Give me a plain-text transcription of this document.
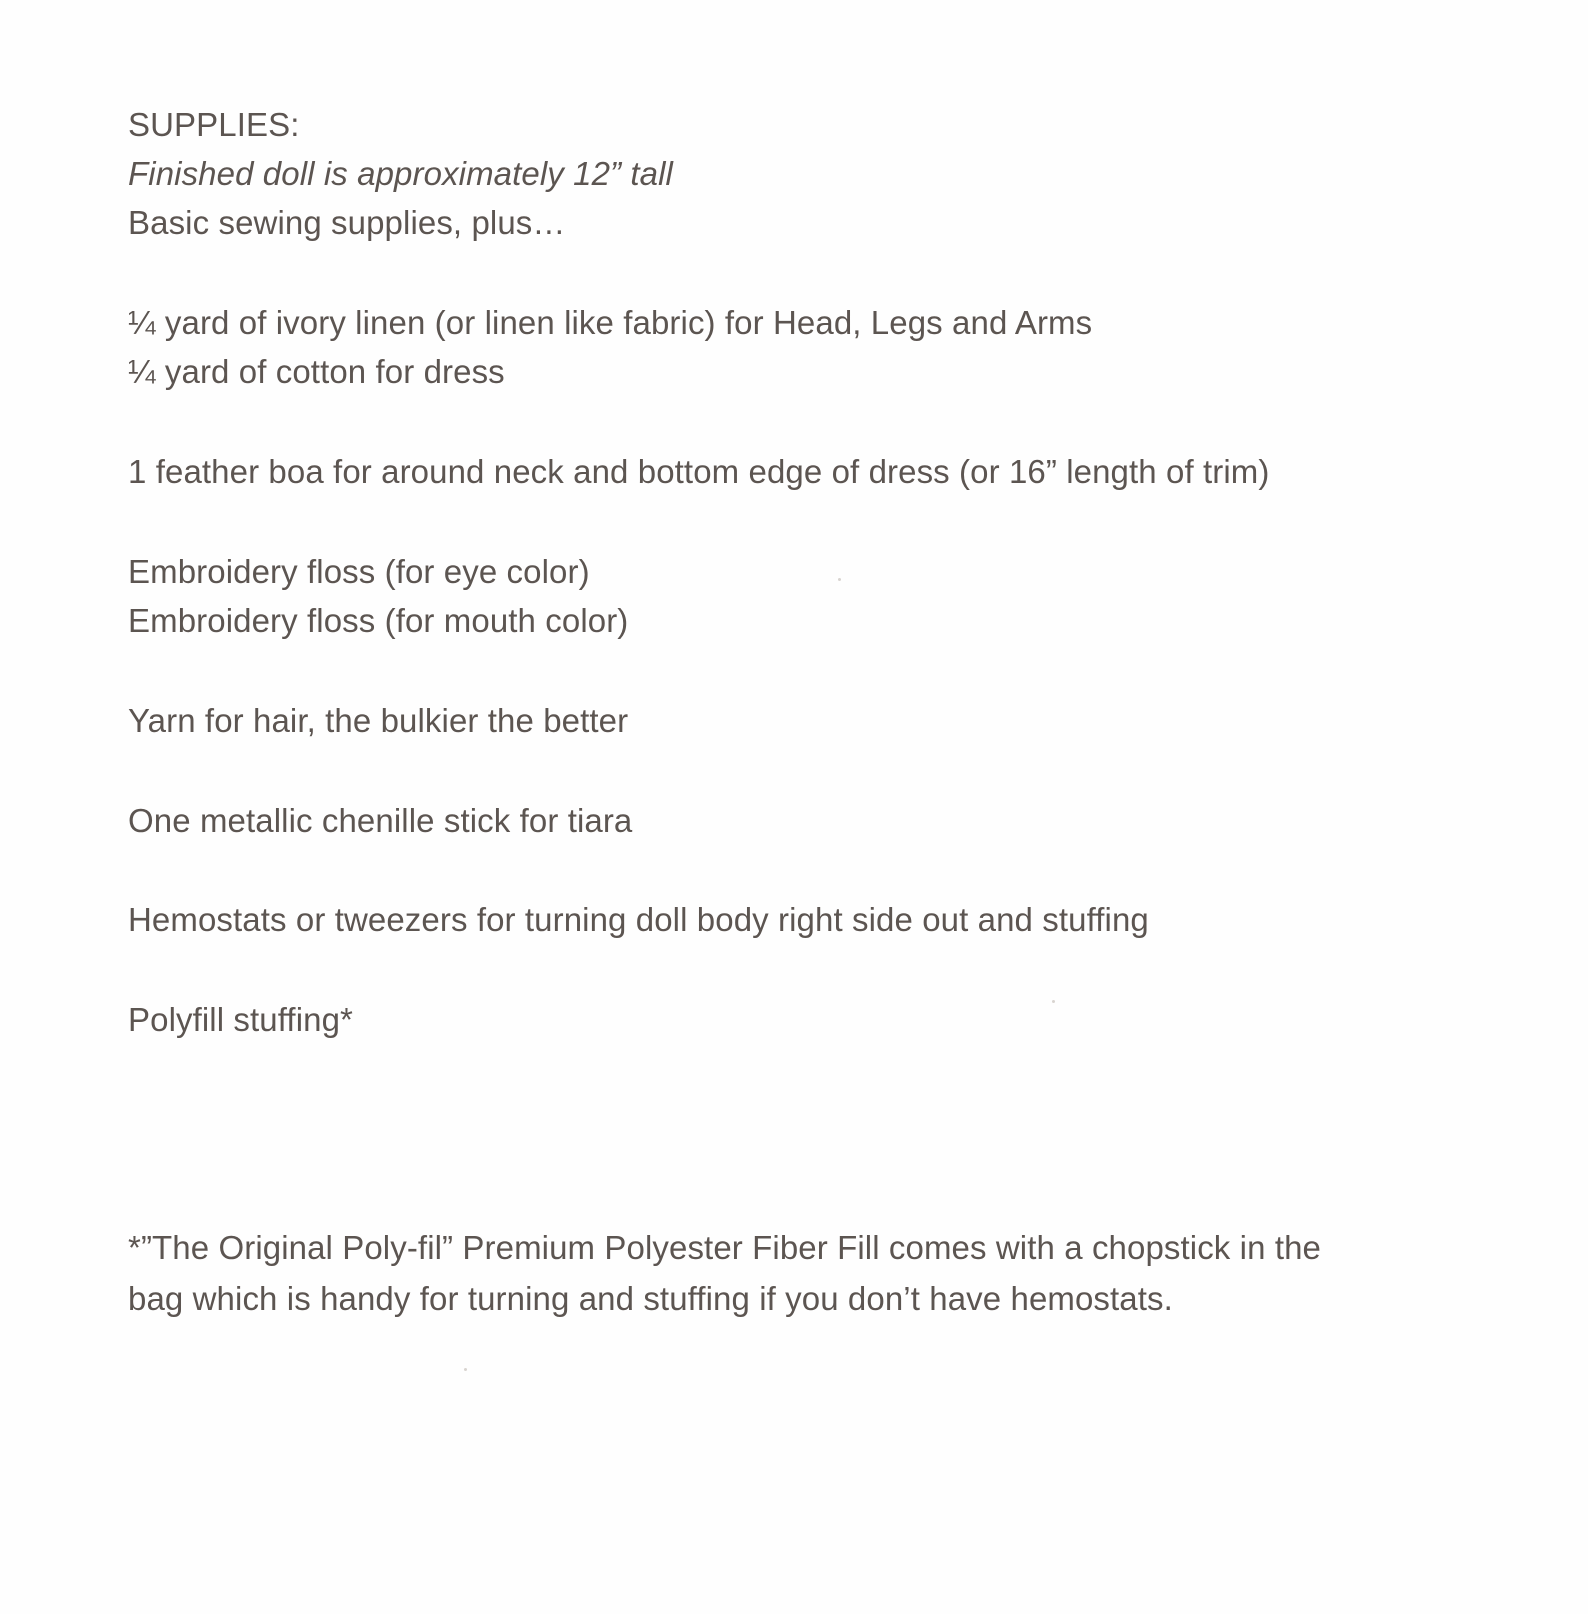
SUPPLIES:
Finished doll is approximately 12” tall
Basic sewing supplies, plus…
¼ yard of ivory linen (or linen like fabric) for Head, Legs and Arms
¼ yard of cotton for dress
1 feather boa for around neck and bottom edge of dress (or 16” length of trim)
Embroidery floss (for eye color)
Embroidery floss (for mouth color)
Yarn for hair, the bulkier the better
One metallic chenille stick for tiara
Hemostats or tweezers for turning doll body right side out and stuffing
Polyfill stuffing*
*”The Original Poly-fil” Premium Polyester Fiber Fill comes with a chopstick in the
bag which is handy for turning and stuffing if you don’t have hemostats.
